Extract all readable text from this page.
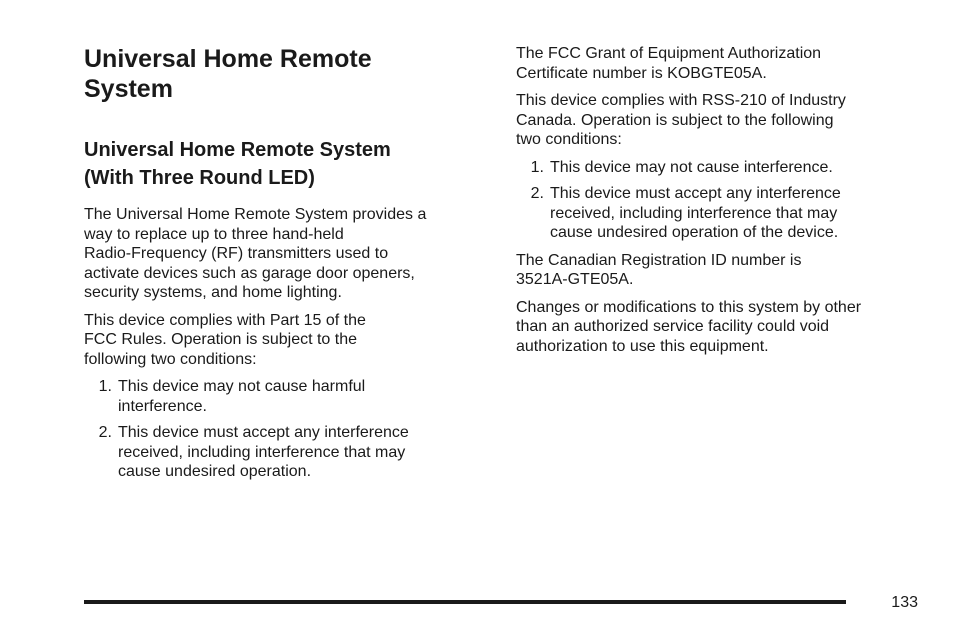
Universal Home Remote
System
Universal Home Remote System
(With Three Round LED)

The Universal Home Remote System provides a
way to replace up to three hand-held
Radio-Frequency (RF) transmitters used to
activate devices such as garage door openers,
security systems, and home lighting.

This device complies with Part 15 of the
FCC Rules. Operation is subject to the
following two conditions:

1. This device may not cause harmful
interference.
2. This device must accept any interference
received, including interference that may
cause undesired operation.

The FCC Grant of Equipment Authorization
Certificate number is KOBGTE05A.

This device complies with RSS-210 of Industry
Canada. Operation is subject to the following
two conditions:

1. This device may not cause interference.
2. This device must accept any interference
received, including interference that may
cause undesired operation of the device.

The Canadian Registration ID number is
3521A-GTE05A.

Changes or modifications to this system by other
than an authorized service facility could void
authorization to use this equipment.

133
